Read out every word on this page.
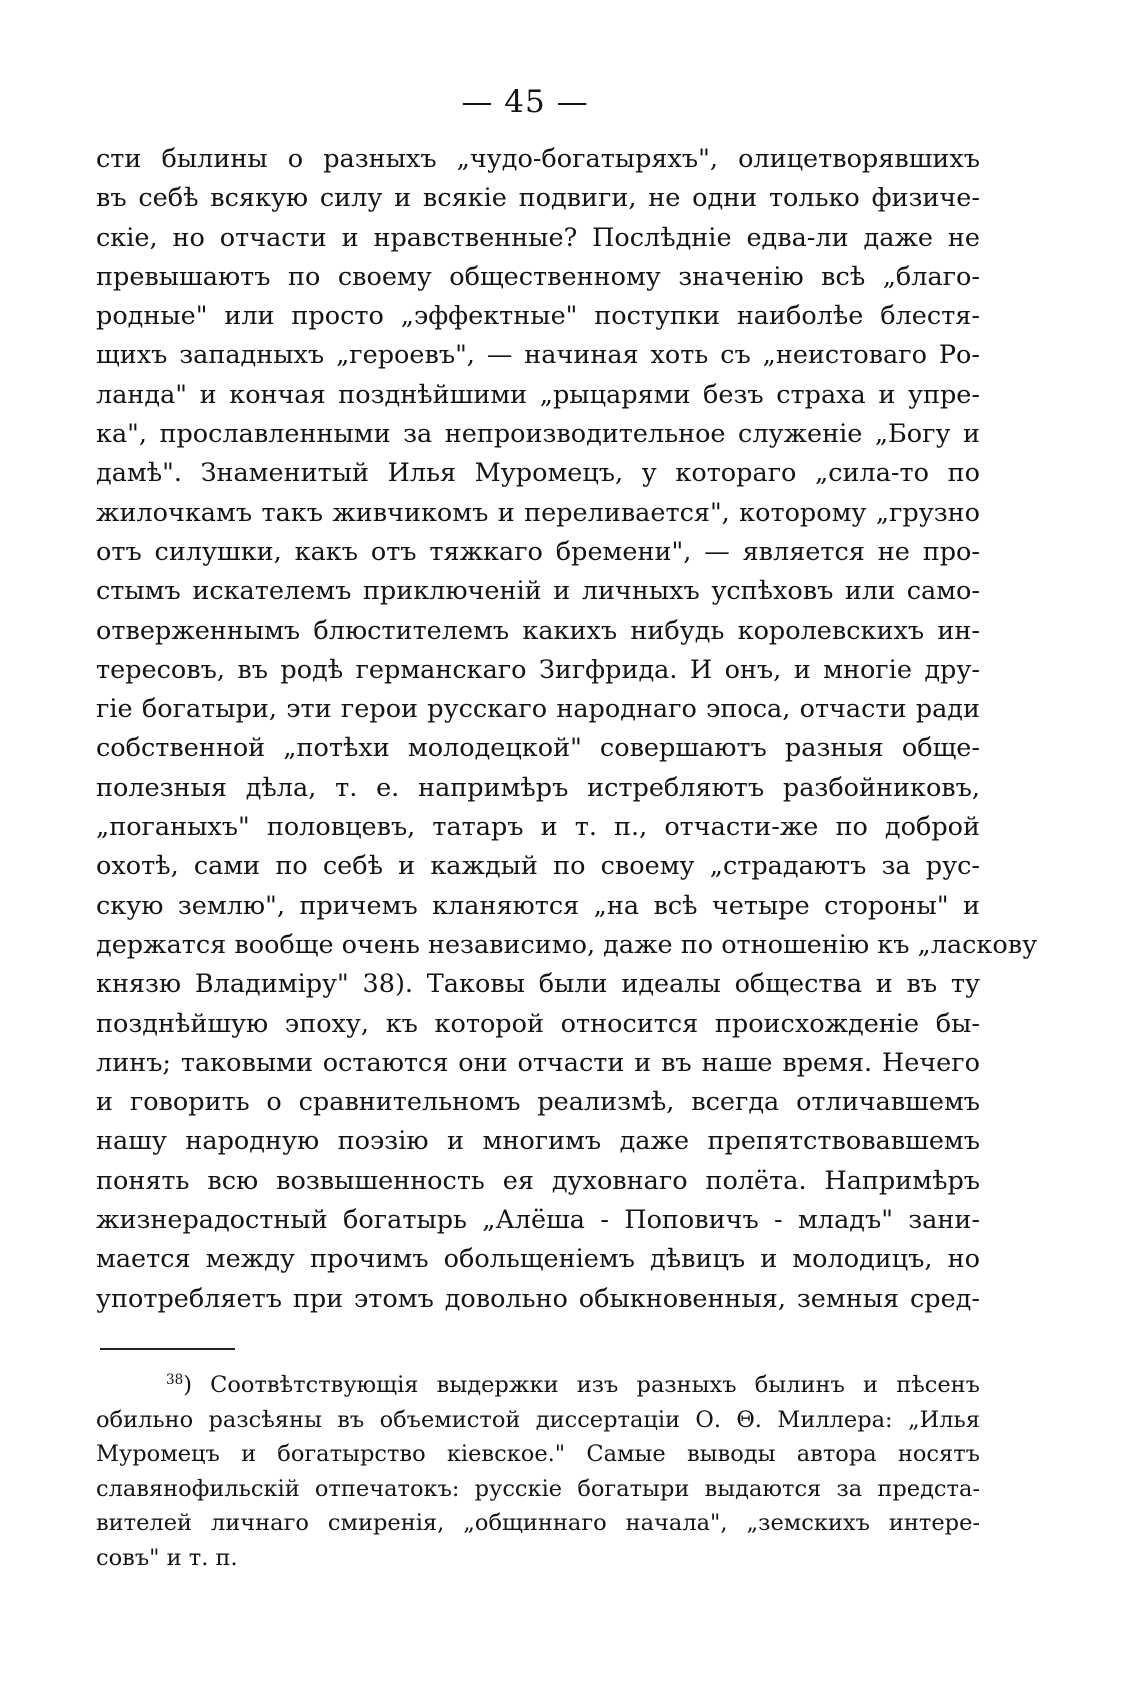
— 45 —
сти былины о разныхъ „чудо-богатыряхъ", олицетворявшихъ
въ себѣ всякую силу и всякіе подвиги, не одни только физиче-
скіе, но отчасти и нравственные? Послѣдніе едва-ли даже не
превышаютъ по своему общественному значенію всѣ „благо-
родные" или просто „эффектные" поступки наиболѣе блестя-
щихъ западныхъ „героевъ", — начиная хоть съ „неистоваго Ро-
ланда" и кончая позднѣйшими „рыцарями безъ страха и упре-
ка", прославленными за непроизводительное служеніе „Богу и
дамѣ". Знаменитый Илья Муромецъ, у котораго „сила-то по
жилочкамъ такъ живчикомъ и переливается", которому „грузно
отъ силушки, какъ отъ тяжкаго бремени", — является не про-
стымъ искателемъ приключеній и личныхъ успѣховъ или само-
отверженнымъ блюстителемъ какихъ нибудь королевскихъ ин-
тересовъ, въ родѣ германскаго Зигфрида. И онъ, и многіе дру-
гіе богатыри, эти герои русскаго народнаго эпоса, отчасти ради
собственной „потѣхи молодецкой" совершаютъ разныя обще-
полезныя дѣла, т. е. напримѣръ истребляютъ разбойниковъ,
„поганыхъ" половцевъ, татаръ и т. п., отчасти-же по доброй
охотѣ, сами по себѣ и каждый по своему „страдаютъ за рус-
скую землю", причемъ кланяются „на всѣ четыре стороны" и
держатся вообще очень независимо, даже по отношенію къ „ласкову
князю Владиміру" 38). Таковы были идеалы общества и въ ту
позднѣйшую эпоху, къ которой относится происхожденіе бы-
линъ; таковыми остаются они отчасти и въ наше время. Нечего
и говорить о сравнительномъ реализмѣ, всегда отличавшемъ
нашу народную поэзію и многимъ даже препятствовавшемъ
понять всю возвышенность ея духовнаго полёта. Напримѣръ
жизнерадостный богатырь „Алёша - Поповичъ - младъ" зани-
мается между прочимъ обольщеніемъ дѣвицъ и молодицъ, но
употребляетъ при этомъ довольно обыкновенныя, земныя сред-
$^{38}$) Соотвѣтствующія выдержки изъ разныхъ былинъ и пѣсенъ
обильно разсѣяны въ объемистой диссертаціи О. Θ. Миллера: „Илья
Муромецъ и богатырство кіевское." Самые выводы автора носятъ
славянофильскій отпечатокъ: русскіе богатыри выдаются за предста-
вителей личнаго смиренія, „общиннаго начала", „земскихъ интере-
совъ" и т. п.
